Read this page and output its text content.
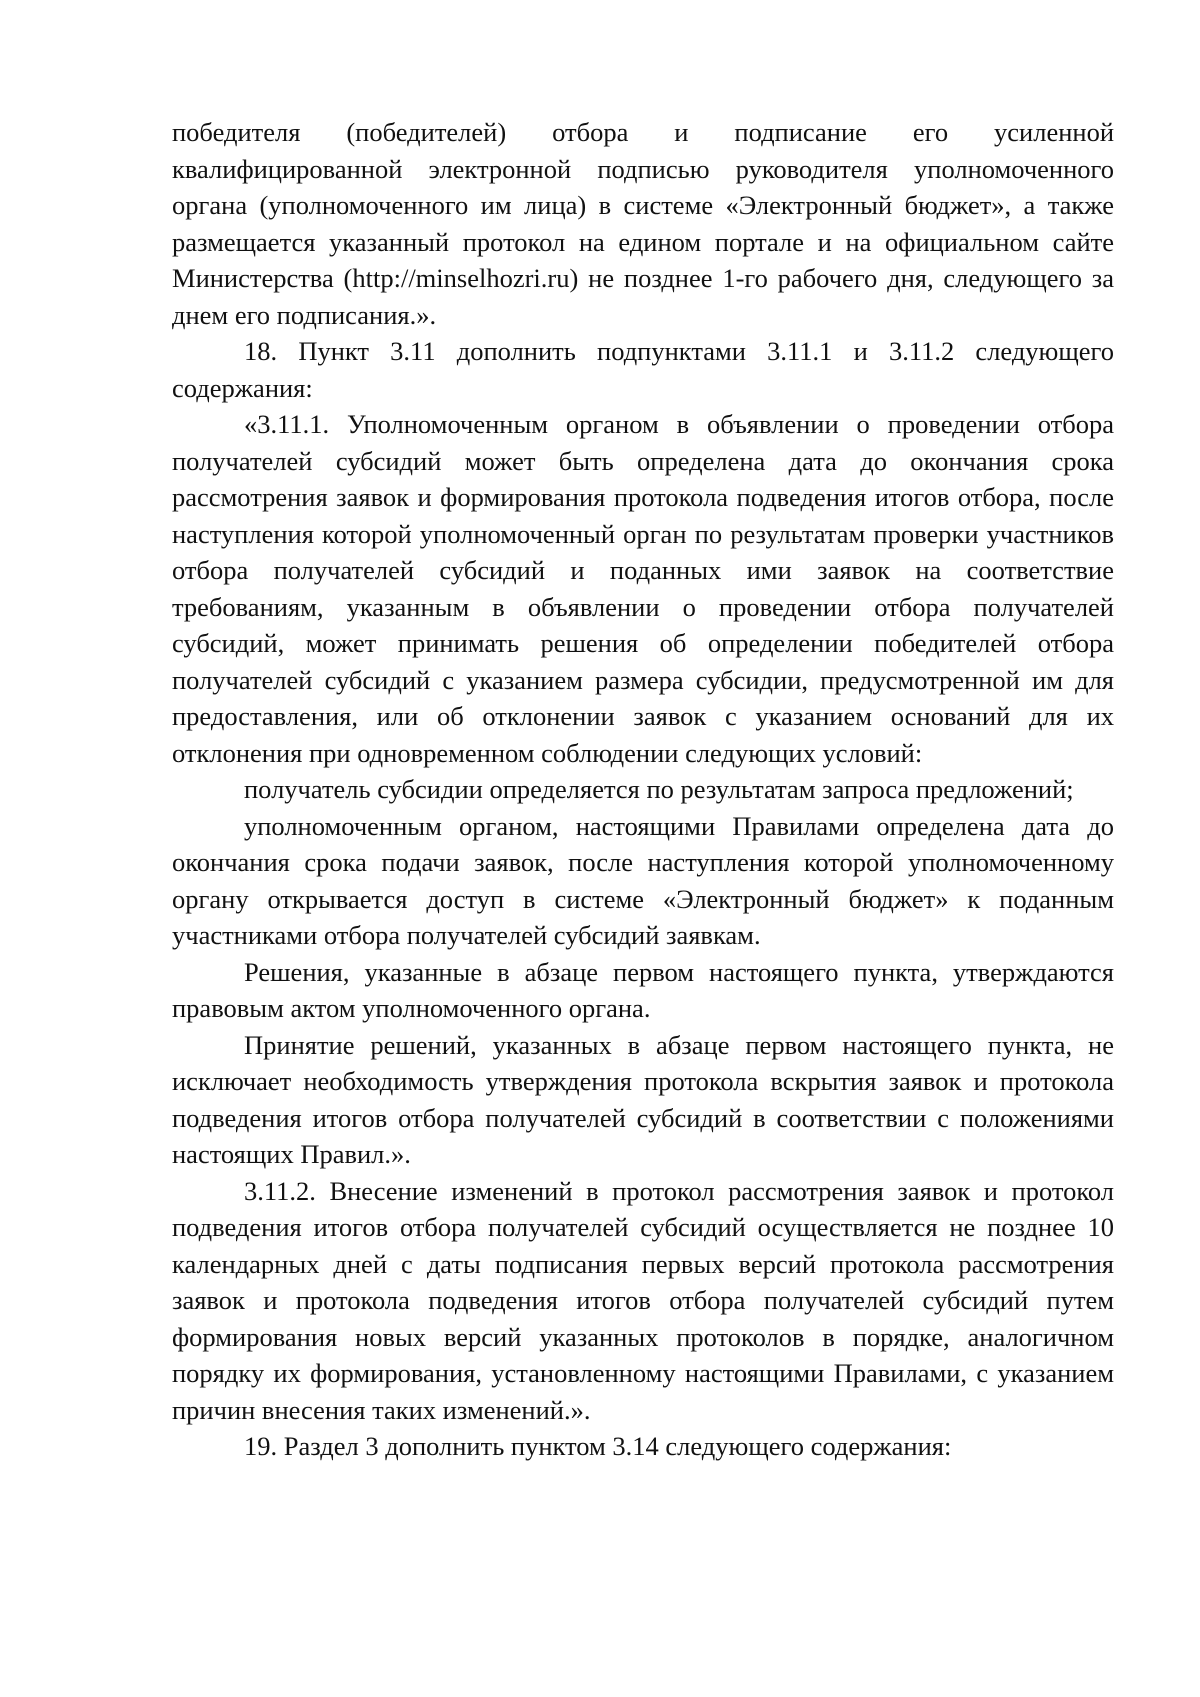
победителя (победителей) отбора и подписание его усиленной квалифицированной электронной подписью руководителя уполномоченного органа (уполномоченного им лица) в системе «Электронный бюджет», а также размещается указанный протокол на едином портале и на официальном сайте Министерства (http://minselhozri.ru) не позднее 1-го рабочего дня, следующего за днем его подписания.».

18. Пункт 3.11 дополнить подпунктами 3.11.1 и 3.11.2 следующего содержания:

«3.11.1. Уполномоченным органом в объявлении о проведении отбора получателей субсидий может быть определена дата до окончания срока рассмотрения заявок и формирования протокола подведения итогов отбора, после наступления которой уполномоченный орган по результатам проверки участников отбора получателей субсидий и поданных ими заявок на соответствие требованиям, указанным в объявлении о проведении отбора получателей субсидий, может принимать решения об определении победителей отбора получателей субсидий с указанием размера субсидии, предусмотренной им для предоставления, или об отклонении заявок с указанием оснований для их отклонения при одновременном соблюдении следующих условий:

получатель субсидии определяется по результатам запроса предложений;

уполномоченным органом, настоящими Правилами определена дата до окончания срока подачи заявок, после наступления которой уполномоченному органу открывается доступ в системе «Электронный бюджет» к поданным участниками отбора получателей субсидий заявкам.

Решения, указанные в абзаце первом настоящего пункта, утверждаются правовым актом уполномоченного органа.

Принятие решений, указанных в абзаце первом настоящего пункта, не исключает необходимость утверждения протокола вскрытия заявок и протокола подведения итогов отбора получателей субсидий в соответствии с положениями настоящих Правил.».

3.11.2. Внесение изменений в протокол рассмотрения заявок и протокол подведения итогов отбора получателей субсидий осуществляется не позднее 10 календарных дней с даты подписания первых версий протокола рассмотрения заявок и протокола подведения итогов отбора получателей субсидий путем формирования новых версий указанных протоколов в порядке, аналогичном порядку их формирования, установленному настоящими Правилами, с указанием причин внесения таких изменений.».

19. Раздел 3 дополнить пунктом 3.14 следующего содержания:
